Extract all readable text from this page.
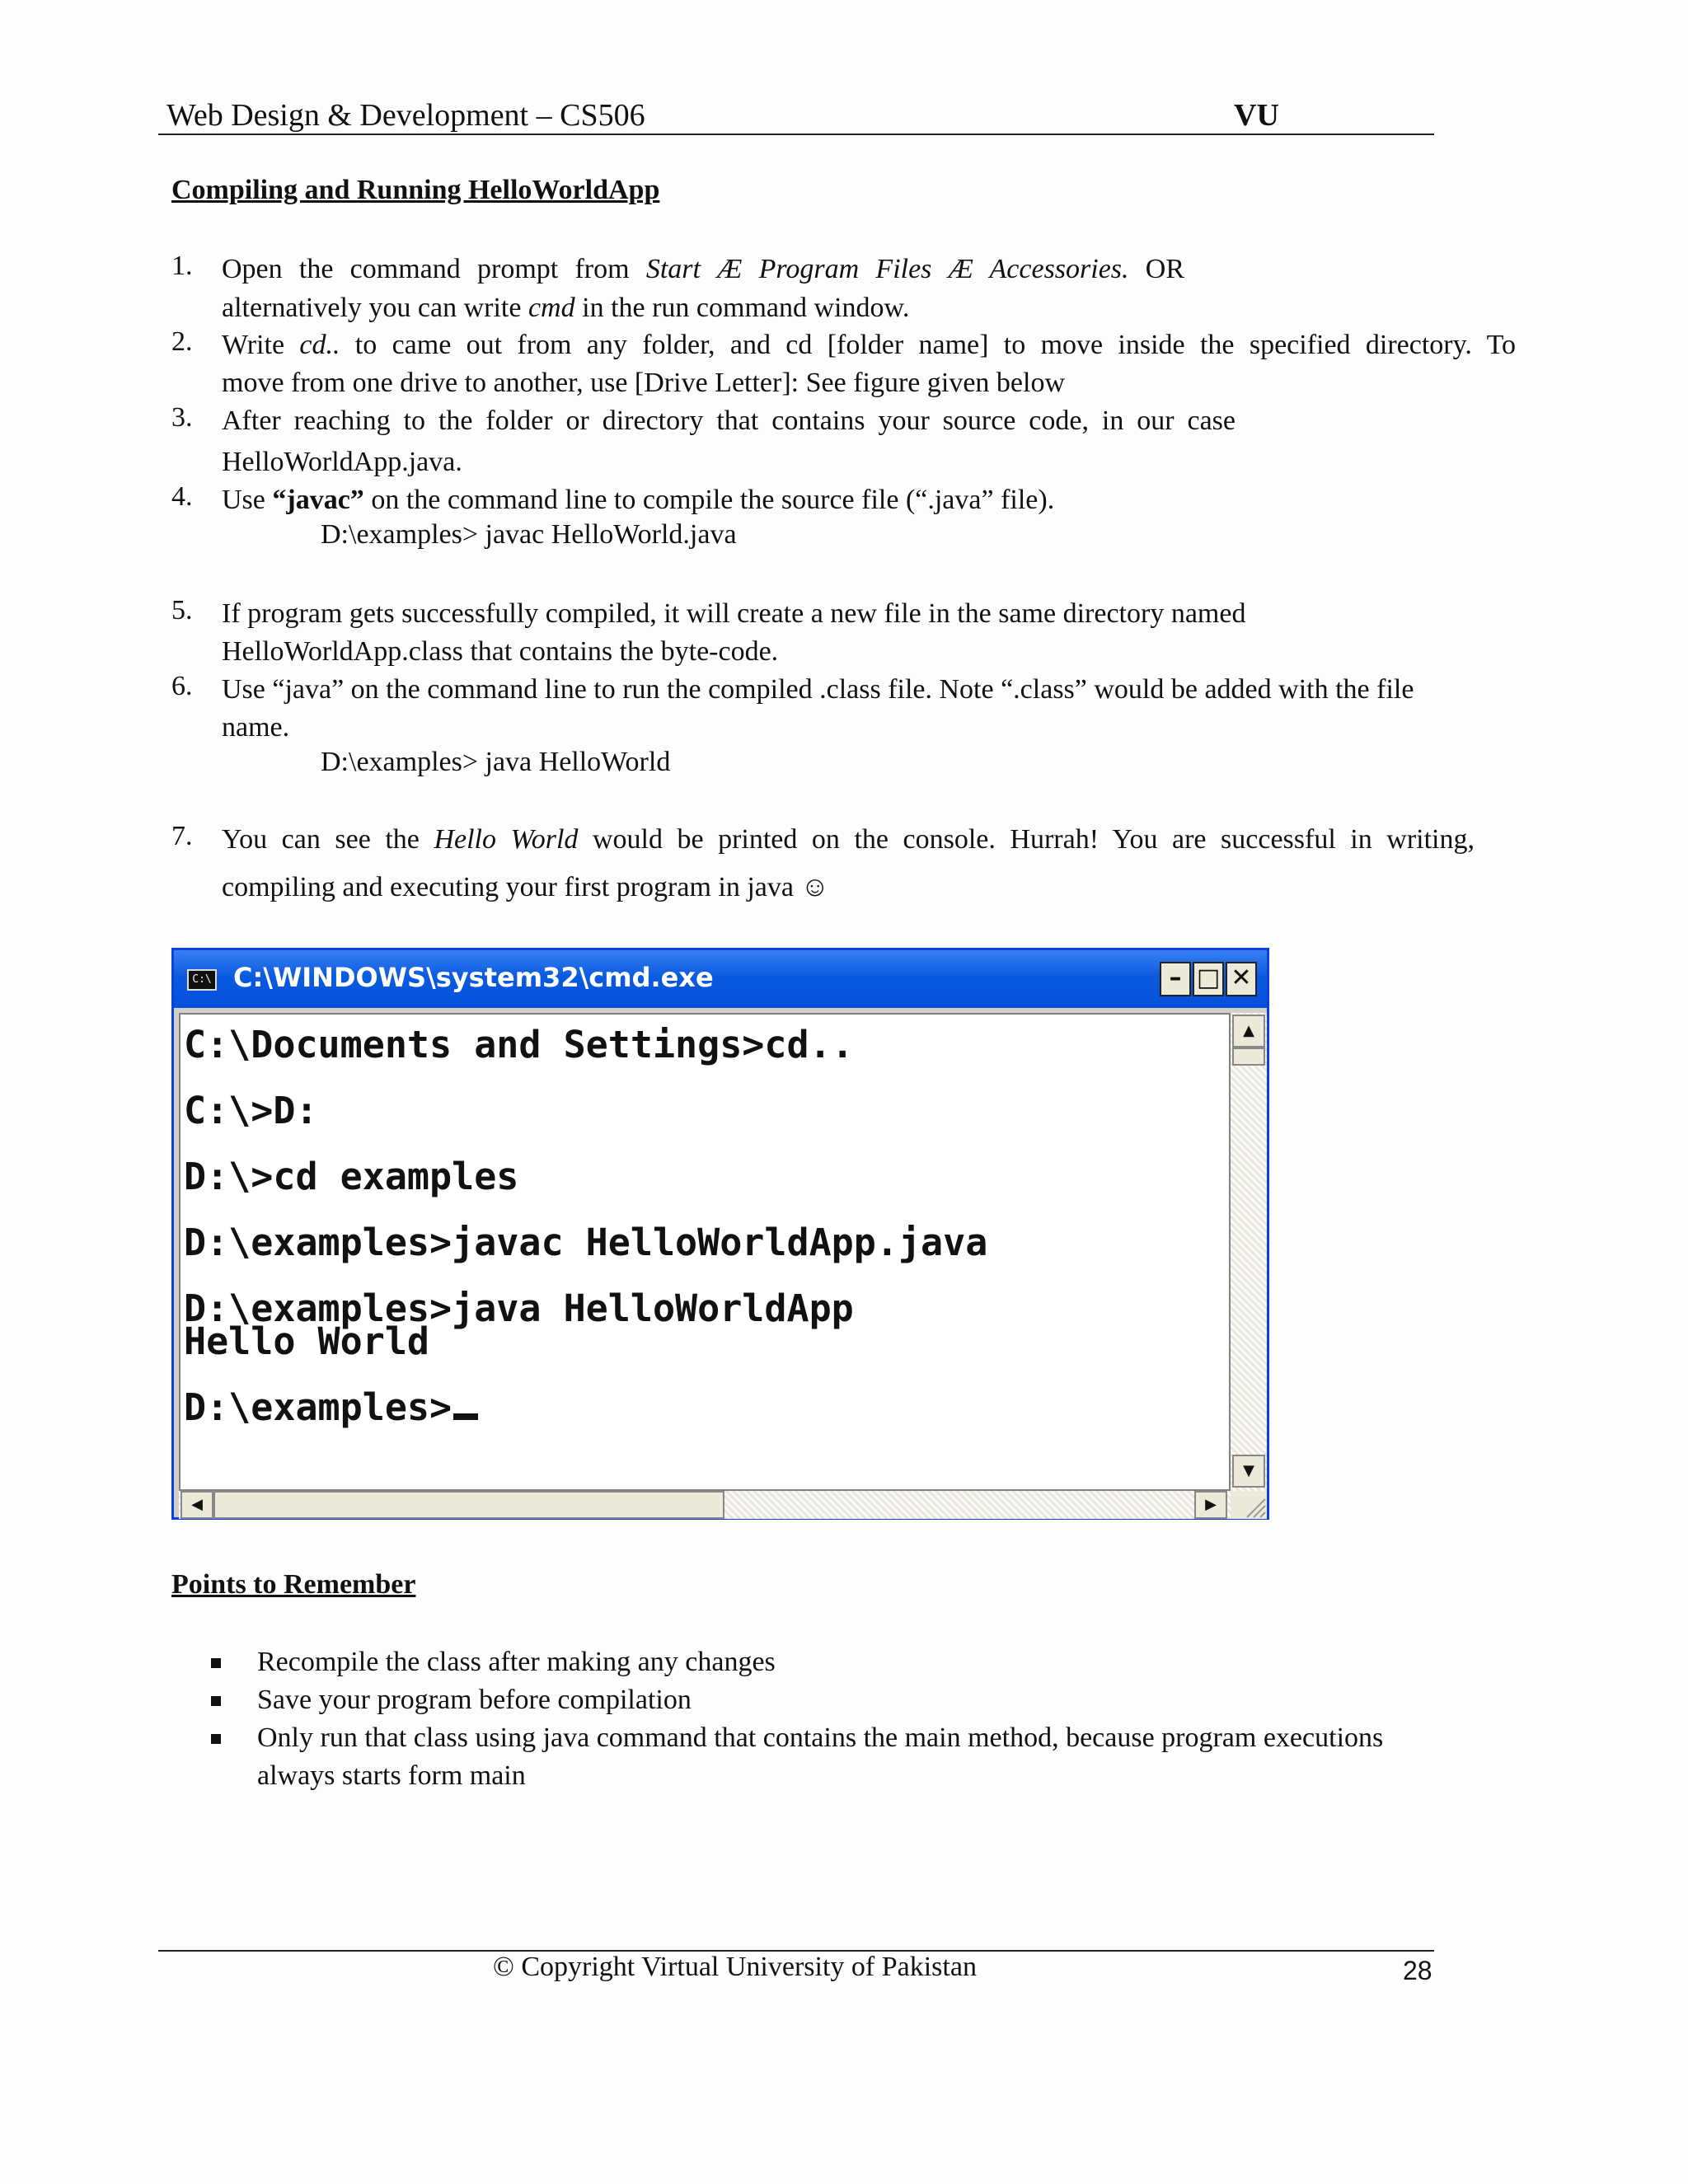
Web Design & Development – CS506	VU
Compiling and Running HelloWorldApp
1. Open the command prompt from Start Æ Program Files Æ Accessories. OR
alternatively you can write cmd in the run command window.
2. Write cd.. to came out from any folder, and cd [folder name] to move inside the specified directory. To
move from one drive to another, use [Drive Letter]: See figure given below
3. After reaching to the folder or directory that contains your source code, in our case
HelloWorldApp.java.
4. Use “javac” on the command line to compile the source file (“.java” file).
D:\examples> javac HelloWorld.java
5. If program gets successfully compiled, it will create a new file in the same directory named
HelloWorldApp.class that contains the byte-code.
6. Use “java” on the command line to run the compiled .class file. Note “.class” would be added with the file
name.
D:\examples> java HelloWorld
7. You can see the Hello World would be printed on the console. Hurrah! You are successful in writing,
compiling and executing your first program in java ☺
C:\ C:\WINDOWS\system32\cmd.exe	– □ ✕
C:\Documents and Settings>cd..
C:\>D:
D:\>cd examples
D:\examples>javac HelloWorldApp.java
D:\examples>java HelloWorldApp
Hello World
D:\examples>
▲
▼
◀	▶
Points to Remember
Recompile the class after making any changes
Save your program before compilation
Only run that class using java command that contains the main method, because program executions
always starts form main
© Copyright Virtual University of Pakistan	28
